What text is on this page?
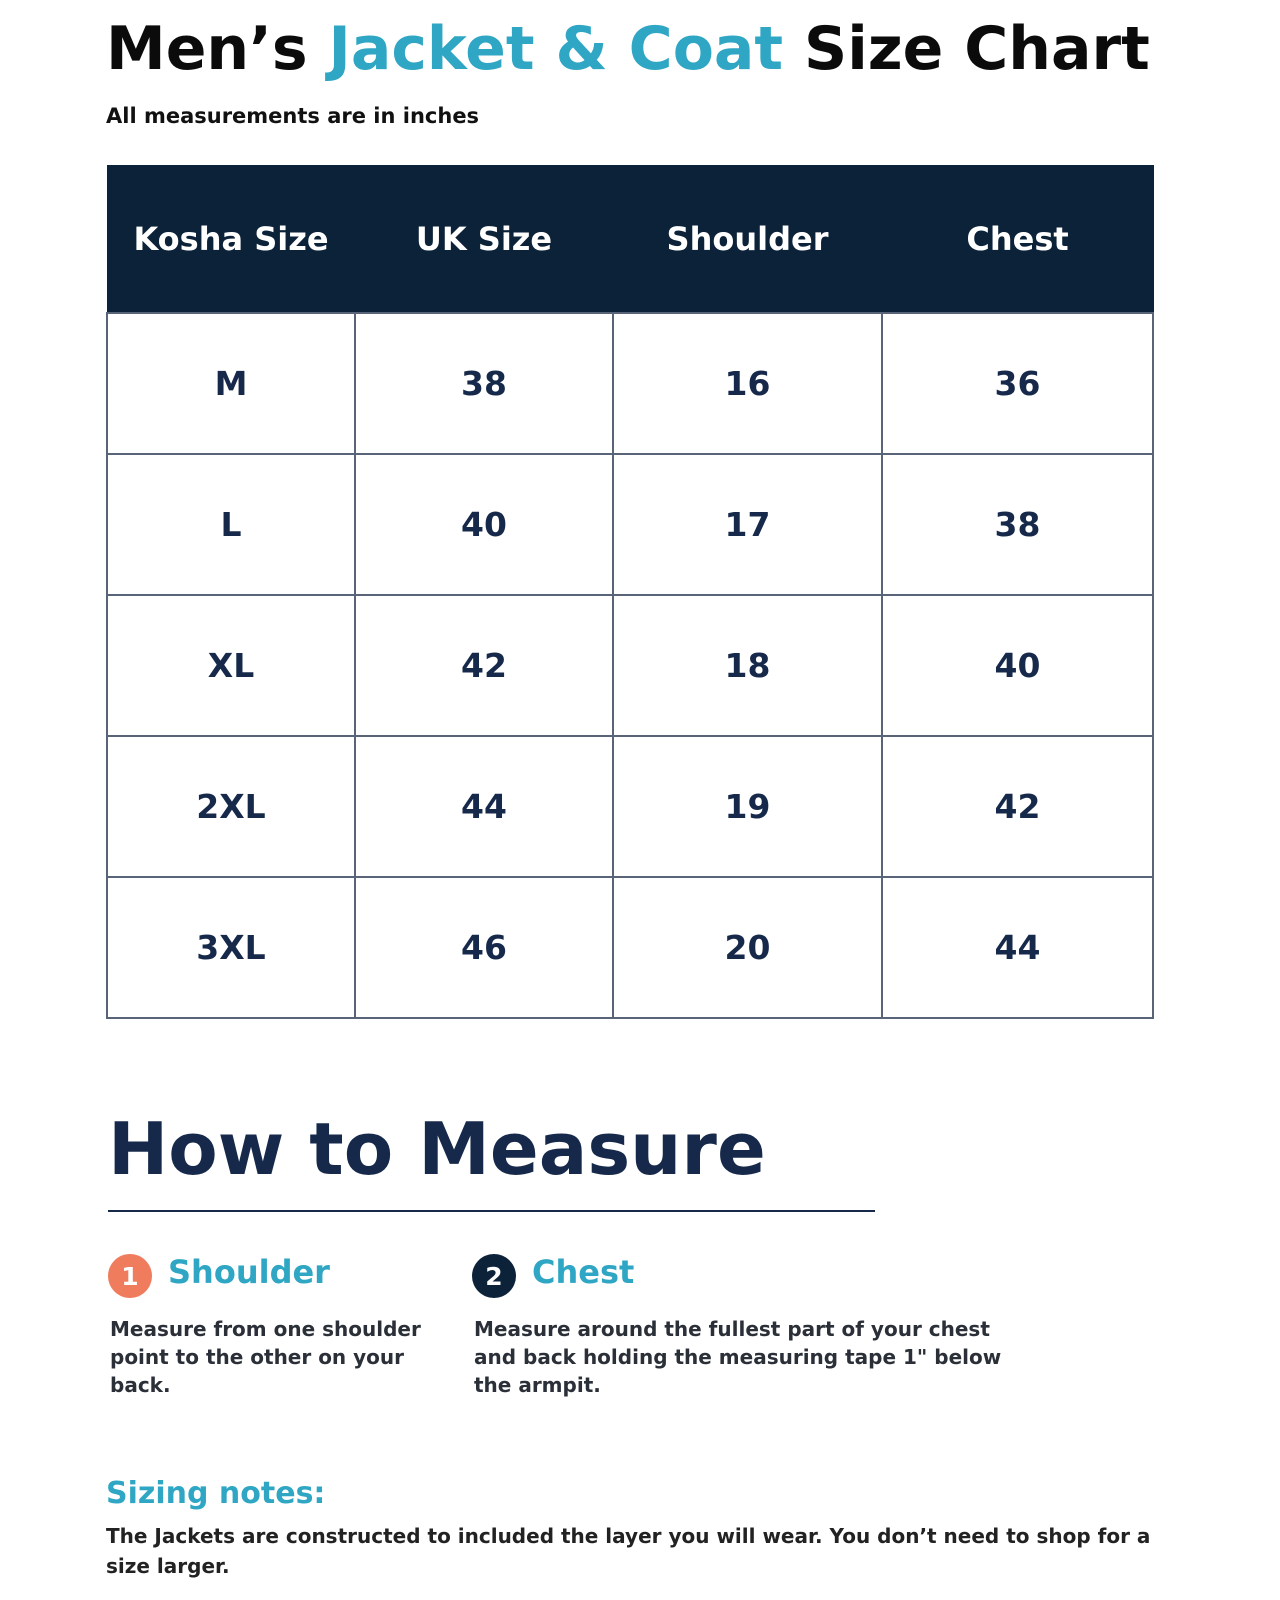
Men’s Jacket & Coat Size Chart

All measurements are in inches

Kosha Size	UK Size	Shoulder	Chest
M	38	16	36
L	40	17	38
XL	42	18	40
2XL	44	19	42
3XL	46	20	44
How to Measure
1 Shoulder

Measure from one shoulder point to the other on your back.

2 Chest

Measure around the fullest part of your chest and back holding the measuring tape 1" below the armpit.

Sizing notes:

The Jackets are constructed to included the layer you will wear. You don’t need to shop for a size larger.
